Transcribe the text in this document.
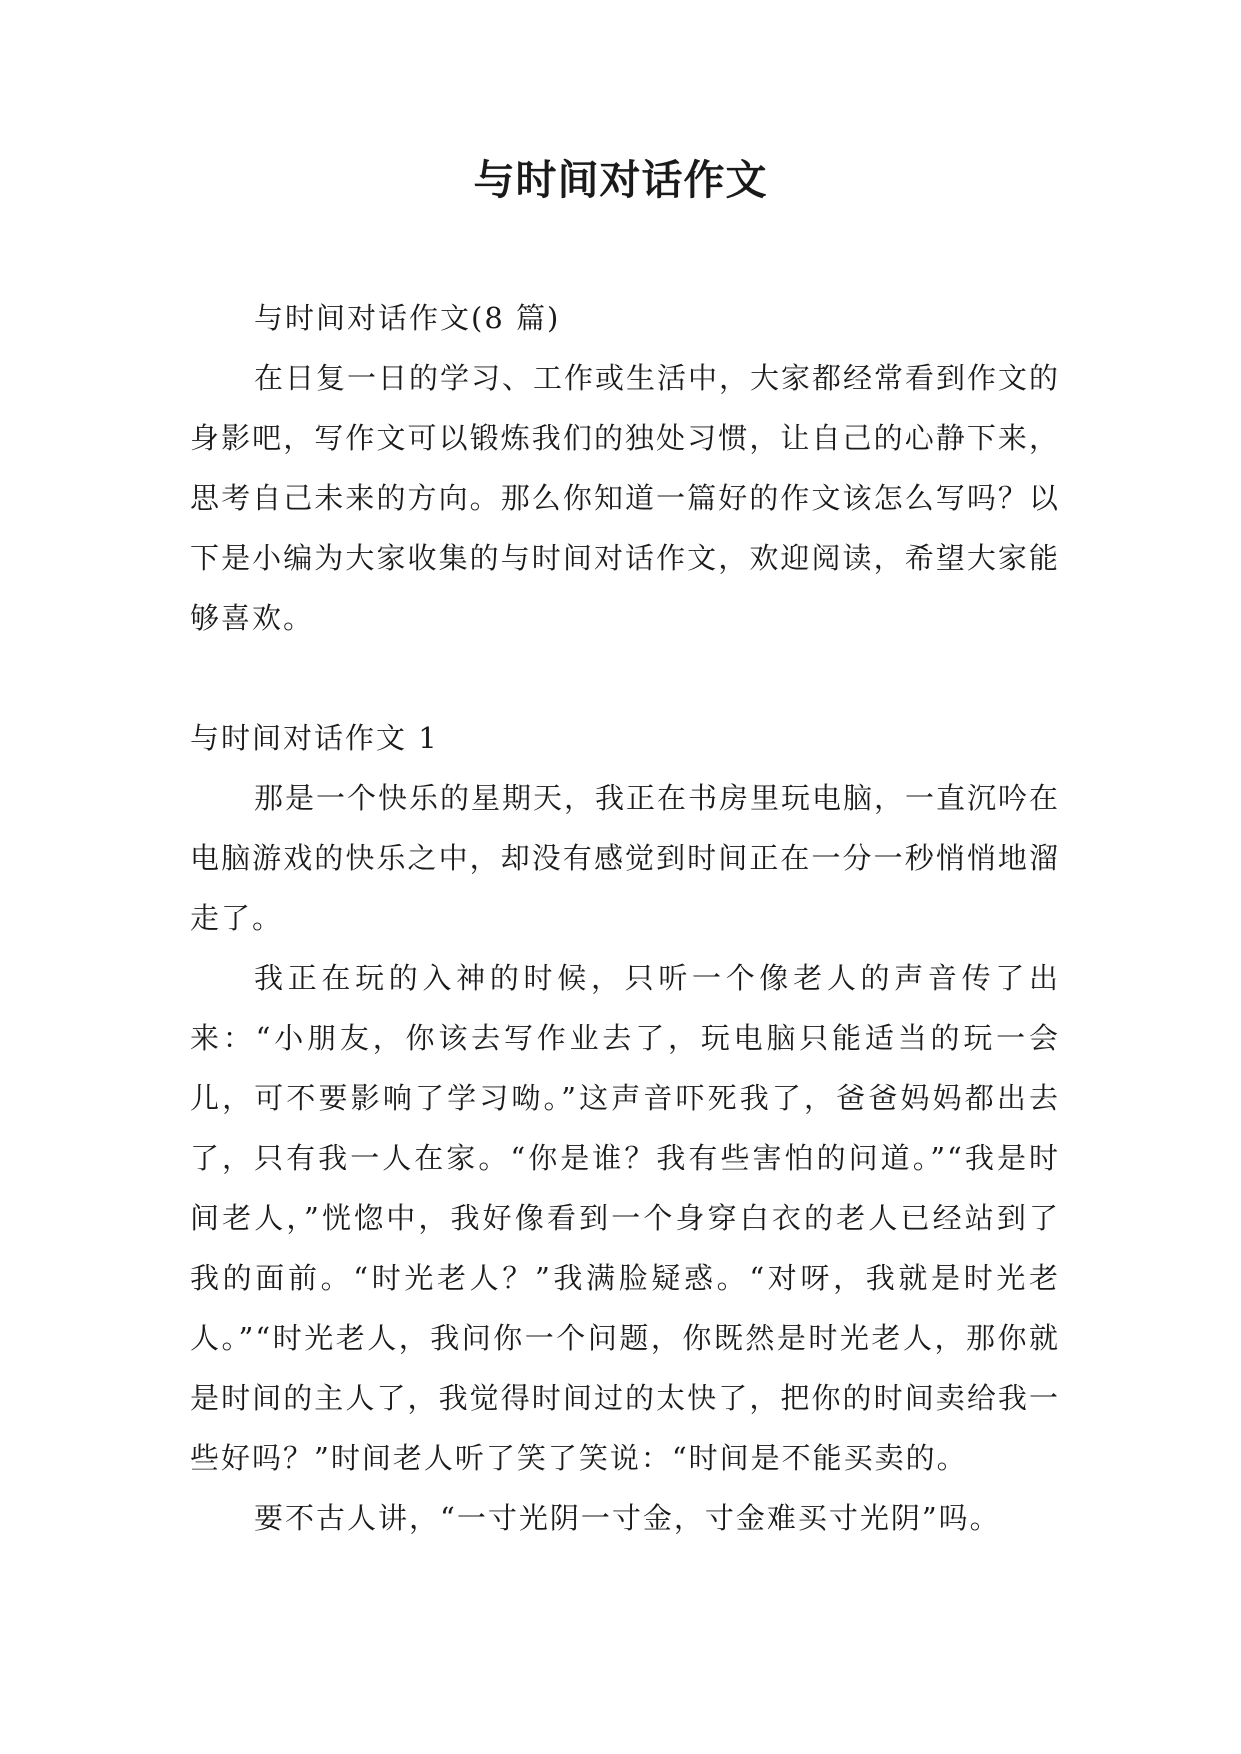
与时间对话作文

与时间对话作文(8 篇)

在日复一日的学习、工作或生活中，大家都经常看到作文的身影吧，写作文可以锻炼我们的独处习惯，让自己的心静下来，思考自己未来的方向。那么你知道一篇好的作文该怎么写吗？以下是小编为大家收集的与时间对话作文，欢迎阅读，希望大家能够喜欢。

与时间对话作文 1

那是一个快乐的星期天，我正在书房里玩电脑，一直沉吟在电脑游戏的快乐之中，却没有感觉到时间正在一分一秒悄悄地溜走了。

我正在玩的入神的时候，只听一个像老人的声音传了出来：“小朋友，你该去写作业去了，玩电脑只能适当的玩一会儿，可不要影响了学习呦。”这声音吓死我了，爸爸妈妈都出去了，只有我一人在家。“你是谁？我有些害怕的问道。”“我是时间老人，”恍惚中，我好像看到一个身穿白衣的老人已经站到了我的面前。“时光老人？”我满脸疑惑。“对呀，我就是时光老人。”“时光老人，我问你一个问题，你既然是时光老人，那你就是时间的主人了，我觉得时间过的太快了，把你的时间卖给我一些好吗？”时间老人听了笑了笑说：“时间是不能买卖的。

要不古人讲，“一寸光阴一寸金，寸金难买寸光阴”吗。
